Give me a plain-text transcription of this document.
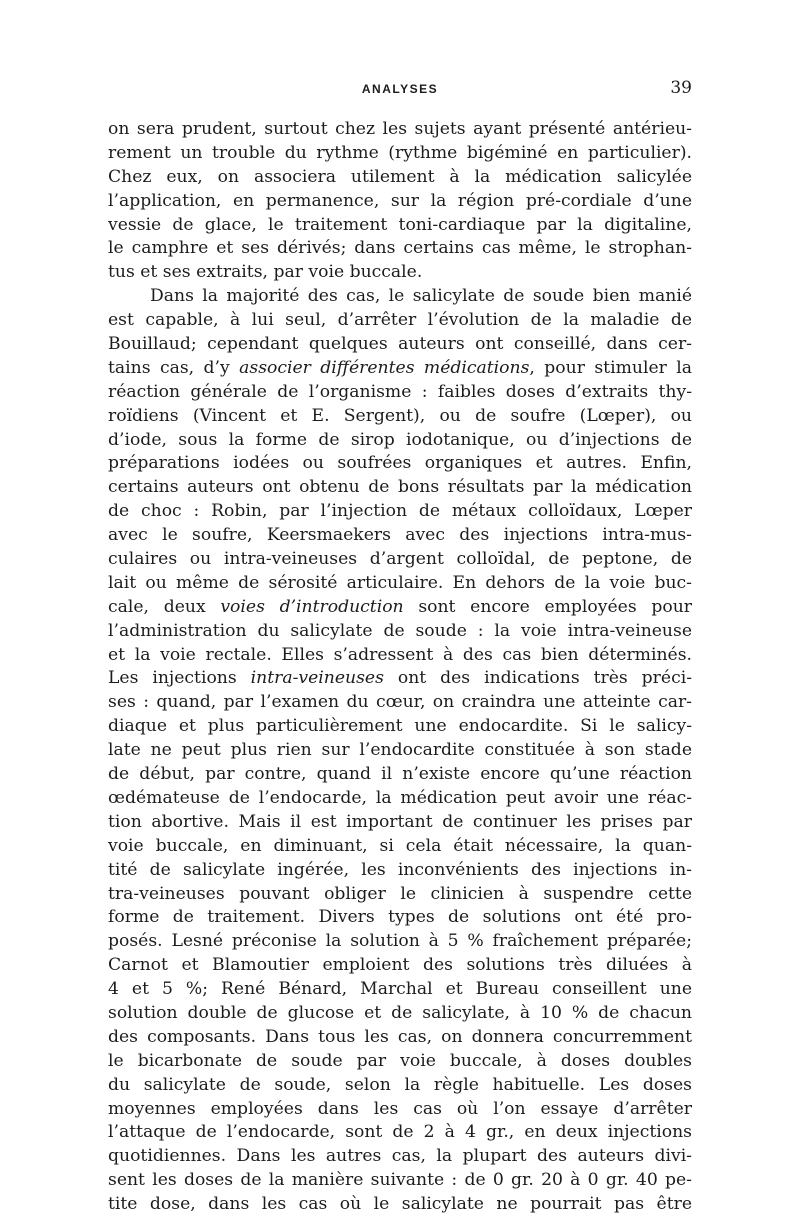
ANALYSES	39
on sera prudent, surtout chez les sujets ayant présenté antérieu-
rement un trouble du rythme (rythme bigéminé en particulier).
Chez eux, on associera utilement à la médication salicylée
l’application, en permanence, sur la région pré-cordiale d’une
vessie de glace, le traitement toni-cardiaque par la digitaline,
le camphre et ses dérivés; dans certains cas même, le strophan-
tus et ses extraits, par voie buccale.
Dans la majorité des cas, le salicylate de soude bien manié
est capable, à lui seul, d’arrêter l’évolution de la maladie de
Bouillaud; cependant quelques auteurs ont conseillé, dans cer-
tains cas, d’y associer différentes médications, pour stimuler la
réaction générale de l’organisme : faibles doses d’extraits thy-
roïdiens (Vincent et E. Sergent), ou de soufre (Lœper), ou
d’iode, sous la forme de sirop iodotanique, ou d’injections de
préparations iodées ou soufrées organiques et autres. Enfin,
certains auteurs ont obtenu de bons résultats par la médication
de choc : Robin, par l’injection de métaux colloïdaux, Lœper
avec le soufre, Keersmaekers avec des injections intra-mus-
culaires ou intra-veineuses d’argent colloïdal, de peptone, de
lait ou même de sérosité articulaire. En dehors de la voie buc-
cale, deux voies d’introduction sont encore employées pour
l’administration du salicylate de soude : la voie intra-veineuse
et la voie rectale. Elles s’adressent à des cas bien déterminés.
Les injections intra-veineuses ont des indications très préci-
ses : quand, par l’examen du cœur, on craindra une atteinte car-
diaque et plus particulièrement une endocardite. Si le salicy-
late ne peut plus rien sur l’endocardite constituée à son stade
de début, par contre, quand il n’existe encore qu’une réaction
œdémateuse de l’endocarde, la médication peut avoir une réac-
tion abortive. Mais il est important de continuer les prises par
voie buccale, en diminuant, si cela était nécessaire, la quan-
tité de salicylate ingérée, les inconvénients des injections in-
tra-veineuses pouvant obliger le clinicien à suspendre cette
forme de traitement. Divers types de solutions ont été pro-
posés. Lesné préconise la solution à 5 % fraîchement préparée;
Carnot et Blamoutier emploient des solutions très diluées à
4 et 5 %; René Bénard, Marchal et Bureau conseillent une
solution double de glucose et de salicylate, à 10 % de chacun
des composants. Dans tous les cas, on donnera concurremment
le bicarbonate de soude par voie buccale, à doses doubles
du salicylate de soude, selon la règle habituelle. Les doses
moyennes employées dans les cas où l’on essaye d’arrêter
l’attaque de l’endocarde, sont de 2 à 4 gr., en deux injections
quotidiennes. Dans les autres cas, la plupart des auteurs divi-
sent les doses de la manière suivante : de 0 gr. 20 à 0 gr. 40 pe-
tite dose, dans les cas où le salicylate ne pourrait pas être
